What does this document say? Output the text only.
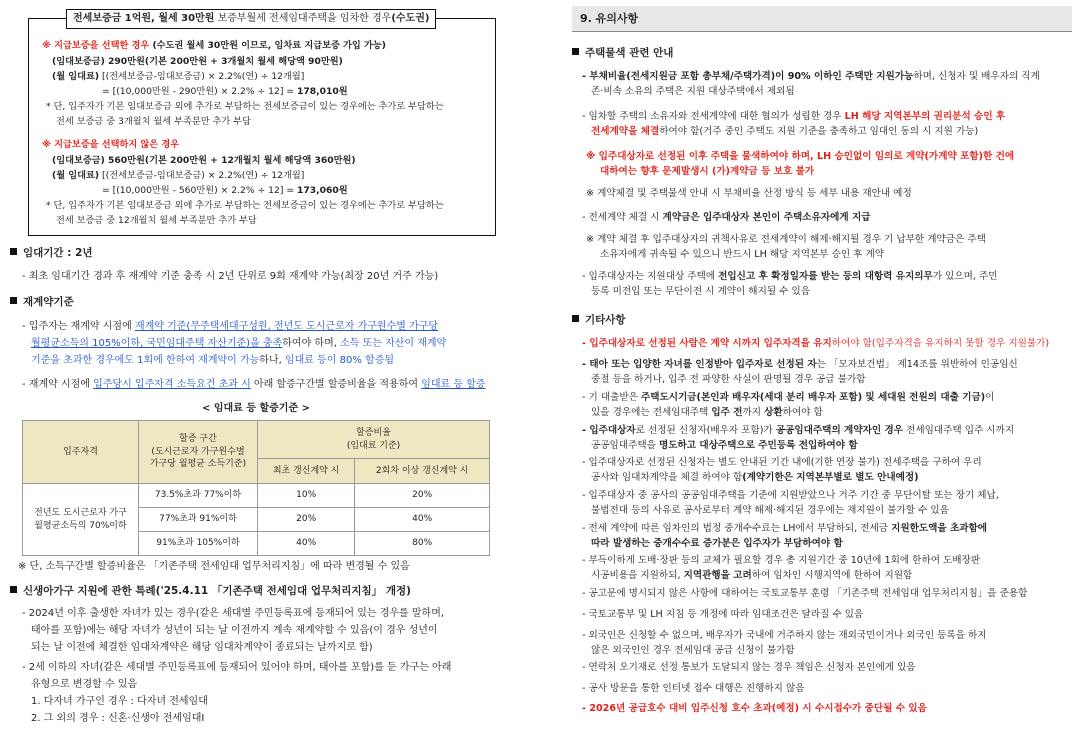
전세보증금 1억원, 월세 30만원 보증부월세 전세임대주택을 임차한 경우(수도권)
※ 지급보증을 선택한 경우 (수도권 월세 30만원 이므로, 임차료 지급보증 가입 가능)
(임대보증금) 290만원(기본 200만원 + 3개월치 월세 해당액 90만원)
(월 임대료) [(전세보증금-임대보증금) × 2.2%(연) ÷ 12개월]
= [(10,000만원 - 290만원) × 2.2% ÷ 12] = 178,010원
* 단, 입주자가 기본 임대보증금 외에 추가로 부담하는 전세보증금이 있는 경우에는 추가로 부담하는
전세 보증금 중 3개월치 월세 부족분만 추가 부담
※ 지급보증을 선택하지 않은 경우
(임대보증금) 560만원(기본 200만원 + 12개월치 월세 해당액 360만원)
(월 임대료) [(전세보증금-임대보증금) × 2.2%(연) ÷ 12개월]
= [(10,000만원 - 560만원) × 2.2% ÷ 12] = 173,060원
* 단, 입주자가 기본 임대보증금 외에 추가로 부담하는 전세보증금이 있는 경우에는 추가로 부담하는
전세 보증금 중 12개월치 월세 부족분만 추가 부담
임대기간 : 2년
- 최초 임대기간 경과 후 재계약 기준 충족 시 2년 단위로 9회 재계약 가능(최장 20년 거주 가능)
재계약기준
- 입주자는 재계약 시점에 재계약 기준(무주택세대구성원, 전년도 도시근로자 가구원수별 가구당
월평균소득의 105%이하, 국민임대주택 자산기준)을 충족하여야 하며, 소득 또는 자산이 재계약
기준을 초과한 경우에도 1회에 한하여 재계약이 가능하나, 임대료 등이 80% 할증됨
- 재계약 시점에 입주당시 입주자격 소득요건 초과 시 아래 할증구간별 할증비율을 적용하여 임대료 등 할증
< 임대료 등 할증기준 >
입주자격	할증 구간
(도시근로자 가구원수별
가구당 월평균 소득기준)	할증비율
(임대료 기준)	
		최초 갱신계약 시	2회차 이상 갱신계약 시
전년도 도시근로자 가구
월평균소득의 70%이하	73.5%초과 77%이하	10%	20%
	77%초과 91%이하	20%	40%
	91%초과 105%이하	40%	80%
※ 단, 소득구간별 할증비율은 「기존주택 전세임대 업무처리지침」에 따라 변경될 수 있음
신생아가구 지원에 관한 특례('25.4.11 「기존주택 전세임대 업무처리지침」 개정)
- 2024년 이후 출생한 자녀가 있는 경우(같은 세대별 주민등록표에 등재되어 있는 경우를 말하며,
태아를 포함)에는 해당 자녀가 성년이 되는 날 이전까지 계속 재계약할 수 있음(이 경우 성년이
되는 날 이전에 체결한 임대차계약은 해당 임대차계약이 종료되는 날까지로 함)
- 2세 이하의 자녀(같은 세대별 주민등록표에 등재되어 있어야 하며, 태아를 포함)를 둔 가구는 아래
유형으로 변경할 수 있음
1. 다자녀 가구인 경우 : 다자녀 전세임대
2. 그 외의 경우 : 신혼·신생아 전세임대Ⅰ
9. 유의사항
주택물색 관련 안내
- 부채비율(전세지원금 포함 총부채/주택가격)이 90% 이하인 주택만 지원가능하며, 신청자 및 배우자의 직계
존·비속 소유의 주택은 지원 대상주택에서 제외됨
- 임차할 주택의 소유자와 전세계약에 대한 협의가 성립한 경우 LH 해당 지역본부의 권리분석 승인 후
전세계약을 체결하여야 함(거주 중인 주택도 지원 기준을 충족하고 임대인 동의 시 지원 가능)
※ 입주대상자로 선정된 이후 주택을 물색하여야 하며, LH 승인없이 임의로 계약(가계약 포함)한 건에
대하여는 향후 문제발생시 (가)계약금 등 보호 불가
※ 계약체결 및 주택물색 안내 시 부채비율 산정 방식 등 세부 내용 재안내 예정
- 전세계약 체결 시 계약금은 입주대상자 본인이 주택소유자에게 지급
※ 계약 체결 후 입주대상자의 귀책사유로 전세계약이 해제·해지될 경우 기 납부한 계약금은 주택
소유자에게 귀속될 수 있으니 반드시 LH 해당 지역본부 승인 후 계약
- 입주대상자는 지원대상 주택에 전입신고 후 확정일자를 받는 등의 대항력 유지의무가 있으며, 주민
등록 미전입 또는 무단이전 시 계약이 해지될 수 있음
기타사항
- 입주대상자로 선정된 사람은 계약 시까지 입주자격을 유지하여야 함(입주자격을 유지하지 못할 경우 지원불가)
- 태아 또는 입양한 자녀를 인정받아 입주자로 선정된 자는 「모자보건법」 제14조를 위반하여 인공임신
중절 등을 하거나, 입주 전 파양한 사실이 판명될 경우 공급 불가함
- 기 대출받은 주택도시기금(본인과 배우자(세대 분리 배우자 포함) 및 세대원 전원의 대출 기금)이
있을 경우에는 전세임대주택 입주 전까지 상환하여야 함
- 입주대상자로 선정된 신청자(배우자 포함)가 공공임대주택의 계약자인 경우 전세임대주택 입주 시까지
공공임대주택을 명도하고 대상주택으로 주민등록 전입하여야 함
- 입주대상자로 선정된 신청자는 별도 안내된 기간 내에(기한 연장 불가) 전세주택을 구하여 우리
공사와 임대차계약을 체결 하여야 함(계약기한은 지역본부별로 별도 안내예정)
- 입주대상자 중 공사의 공공임대주택을 기준에 지원받았으나 거주 기간 중 무단이탈 또는 장기 체납,
불법전대 등의 사유로 공사로부터 계약 해제·해지된 경우에는 재지원이 불가할 수 있음
- 전세 계약에 따른 임차인의 법정 중개수수료는 LH에서 부담하되, 전세금 지원한도액을 초과함에
따라 발생하는 중개수수료 증가분은 입주자가 부담하여야 함
- 부득이하게 도배·장판 등의 교체가 필요할 경우 총 지원기간 중 10년에 1회에 한하여 도배장판
시공비용을 지원하되, 지역관행을 고려하여 임차인 시행지역에 한하여 지원함
- 공고문에 명시되지 않은 사항에 대하여는 국토교통부 훈령 「기존주택 전세임대 업무처리지침」을 준용함
- 국토교통부 및 LH 지침 등 개정에 따라 임대조건은 달라질 수 있음
- 외국인은 신청할 수 없으며, 배우자가 국내에 거주하지 않는 재외국민이거나 외국인 등록을 하지
않은 외국인인 경우 전세임대 공급 신청이 불가함
- 연락처 오기재로 선정 통보가 도달되지 않는 경우 책임은 신청자 본인에게 있음
- 공사 방문을 통한 인터넷 접수 대행은 진행하지 않음
- 2026년 공급호수 대비 입주신청 호수 초과(예정) 시 수시접수가 중단될 수 있음
